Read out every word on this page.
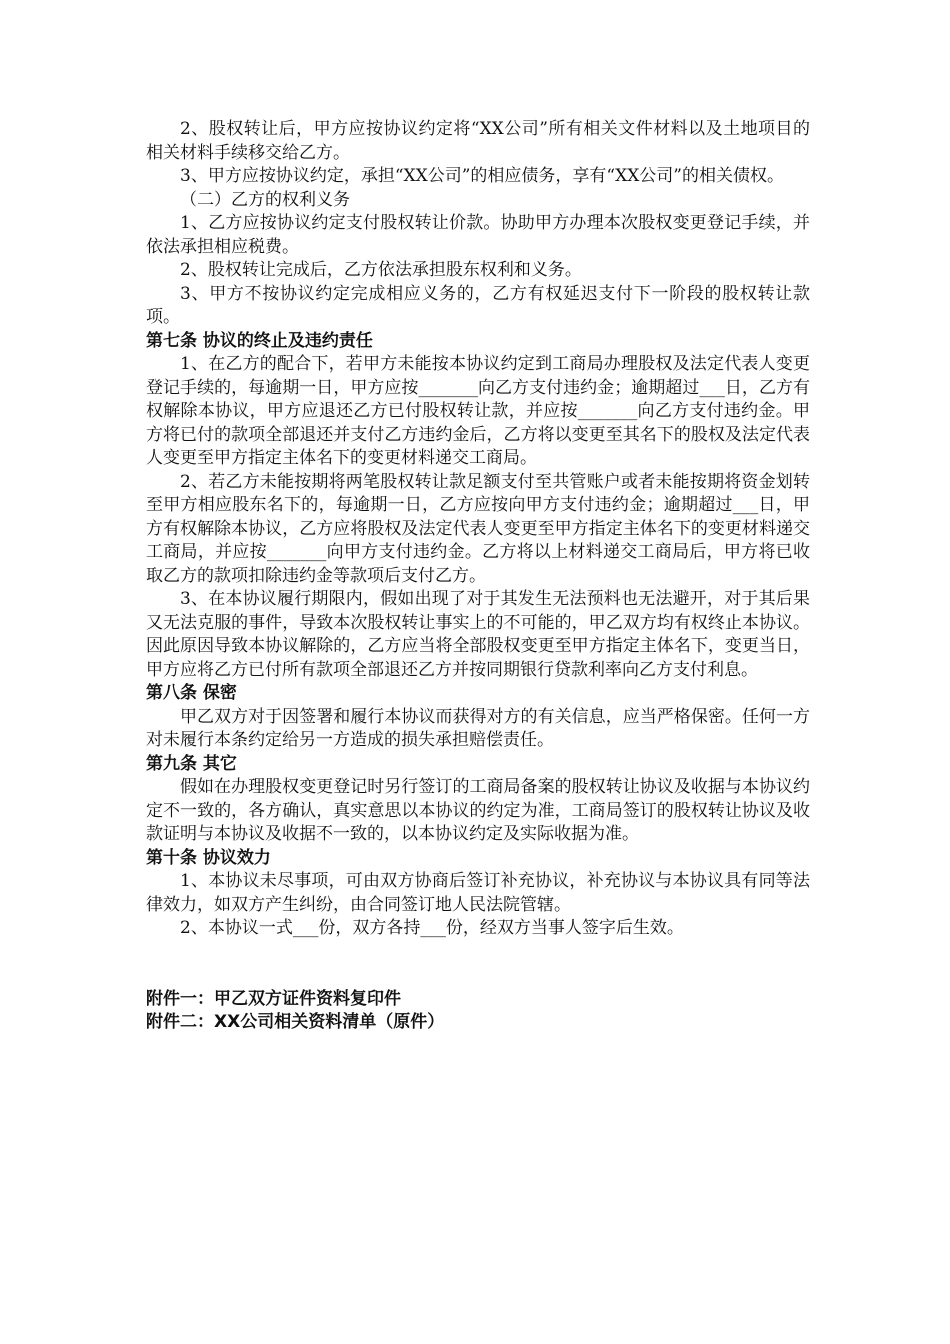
2、股权转让后，甲方应按协议约定将“XX公司”所有相关文件材料以及土地项目的相关材料手续移交给乙方。

3、甲方应按协议约定，承担“XX公司”的相应债务，享有“XX公司”的相关债权。

（二）乙方的权利义务

1、乙方应按协议约定支付股权转让价款。协助甲方办理本次股权变更登记手续，并依法承担相应税费。

2、股权转让完成后，乙方依法承担股东权利和义务。

3、甲方不按协议约定完成相应义务的，乙方有权延迟支付下一阶段的股权转让款项。

第七条 协议的终止及违约责任

1、在乙方的配合下，若甲方未能按本协议约定到工商局办理股权及法定代表人变更登记手续的，每逾期一日，甲方应按_______向乙方支付违约金；逾期超过___日，乙方有权解除本协议，甲方应退还乙方已付股权转让款，并应按_______向乙方支付违约金。甲方将已付的款项全部退还并支付乙方违约金后，乙方将以变更至其名下的股权及法定代表人变更至甲方指定主体名下的变更材料递交工商局。

2、若乙方未能按期将两笔股权转让款足额支付至共管账户或者未能按期将资金划转至甲方相应股东名下的，每逾期一日，乙方应按向甲方支付违约金；逾期超过___日，甲方有权解除本协议，乙方应将股权及法定代表人变更至甲方指定主体名下的变更材料递交工商局，并应按_______向甲方支付违约金。乙方将以上材料递交工商局后，甲方将已收取乙方的款项扣除违约金等款项后支付乙方。

3、在本协议履行期限内，假如出现了对于其发生无法预料也无法避开，对于其后果又无法克服的事件，导致本次股权转让事实上的不可能的，甲乙双方均有权终止本协议。因此原因导致本协议解除的，乙方应当将全部股权变更至甲方指定主体名下，变更当日，甲方应将乙方已付所有款项全部退还乙方并按同期银行贷款利率向乙方支付利息。

第八条 保密

甲乙双方对于因签署和履行本协议而获得对方的有关信息，应当严格保密。任何一方对未履行本条约定给另一方造成的损失承担赔偿责任。

第九条 其它

假如在办理股权变更登记时另行签订的工商局备案的股权转让协议及收据与本协议约定不一致的，各方确认，真实意思以本协议的约定为准，工商局签订的股权转让协议及收款证明与本协议及收据不一致的，以本协议约定及实际收据为准。

第十条 协议效力

1、本协议未尽事项，可由双方协商后签订补充协议，补充协议与本协议具有同等法律效力，如双方产生纠纷，由合同签订地人民法院管辖。

2、本协议一式___份，双方各持___份，经双方当事人签字后生效。

附件一：甲乙双方证件资料复印件

附件二：XX公司相关资料清单（原件）
